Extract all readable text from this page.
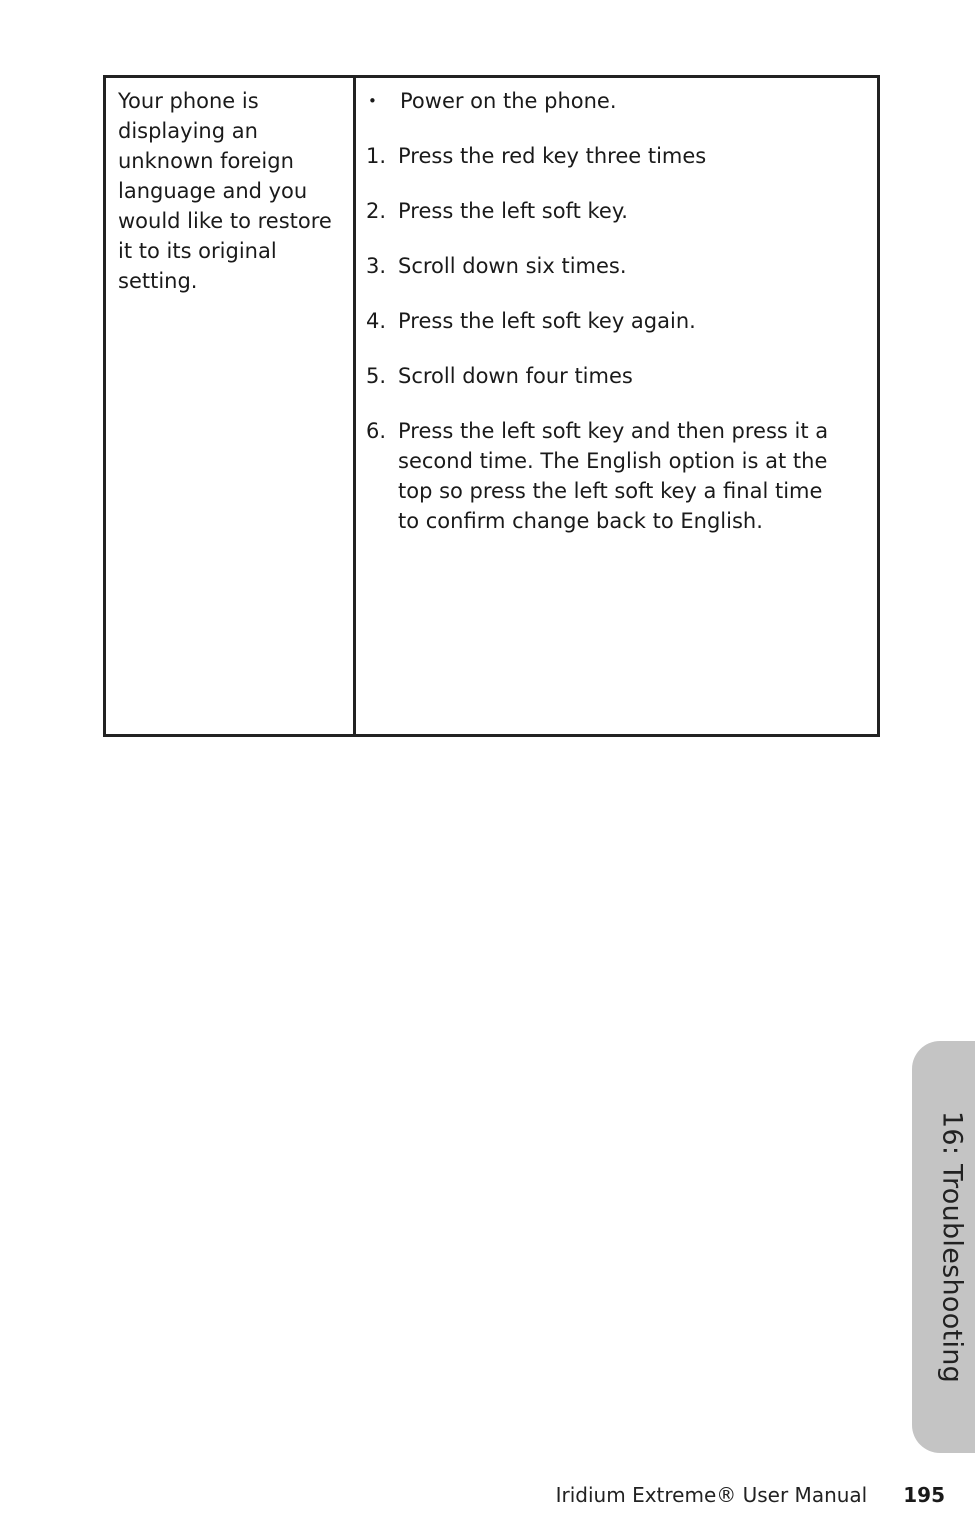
Your phone is displaying an unknown foreign language and you would like to restore it to its original setting.
•	Power on the phone.
1. Press the red key three times
2. Press the left soft key.
3. Scroll down six times.
4. Press the left soft key again.
5. Scroll down four times
6. Press the left soft key and then press it a second time. The English option is at the top so press the left soft key a final time to confirm change back to English.
16: Troubleshooting
Iridium Extreme® User Manual 195
